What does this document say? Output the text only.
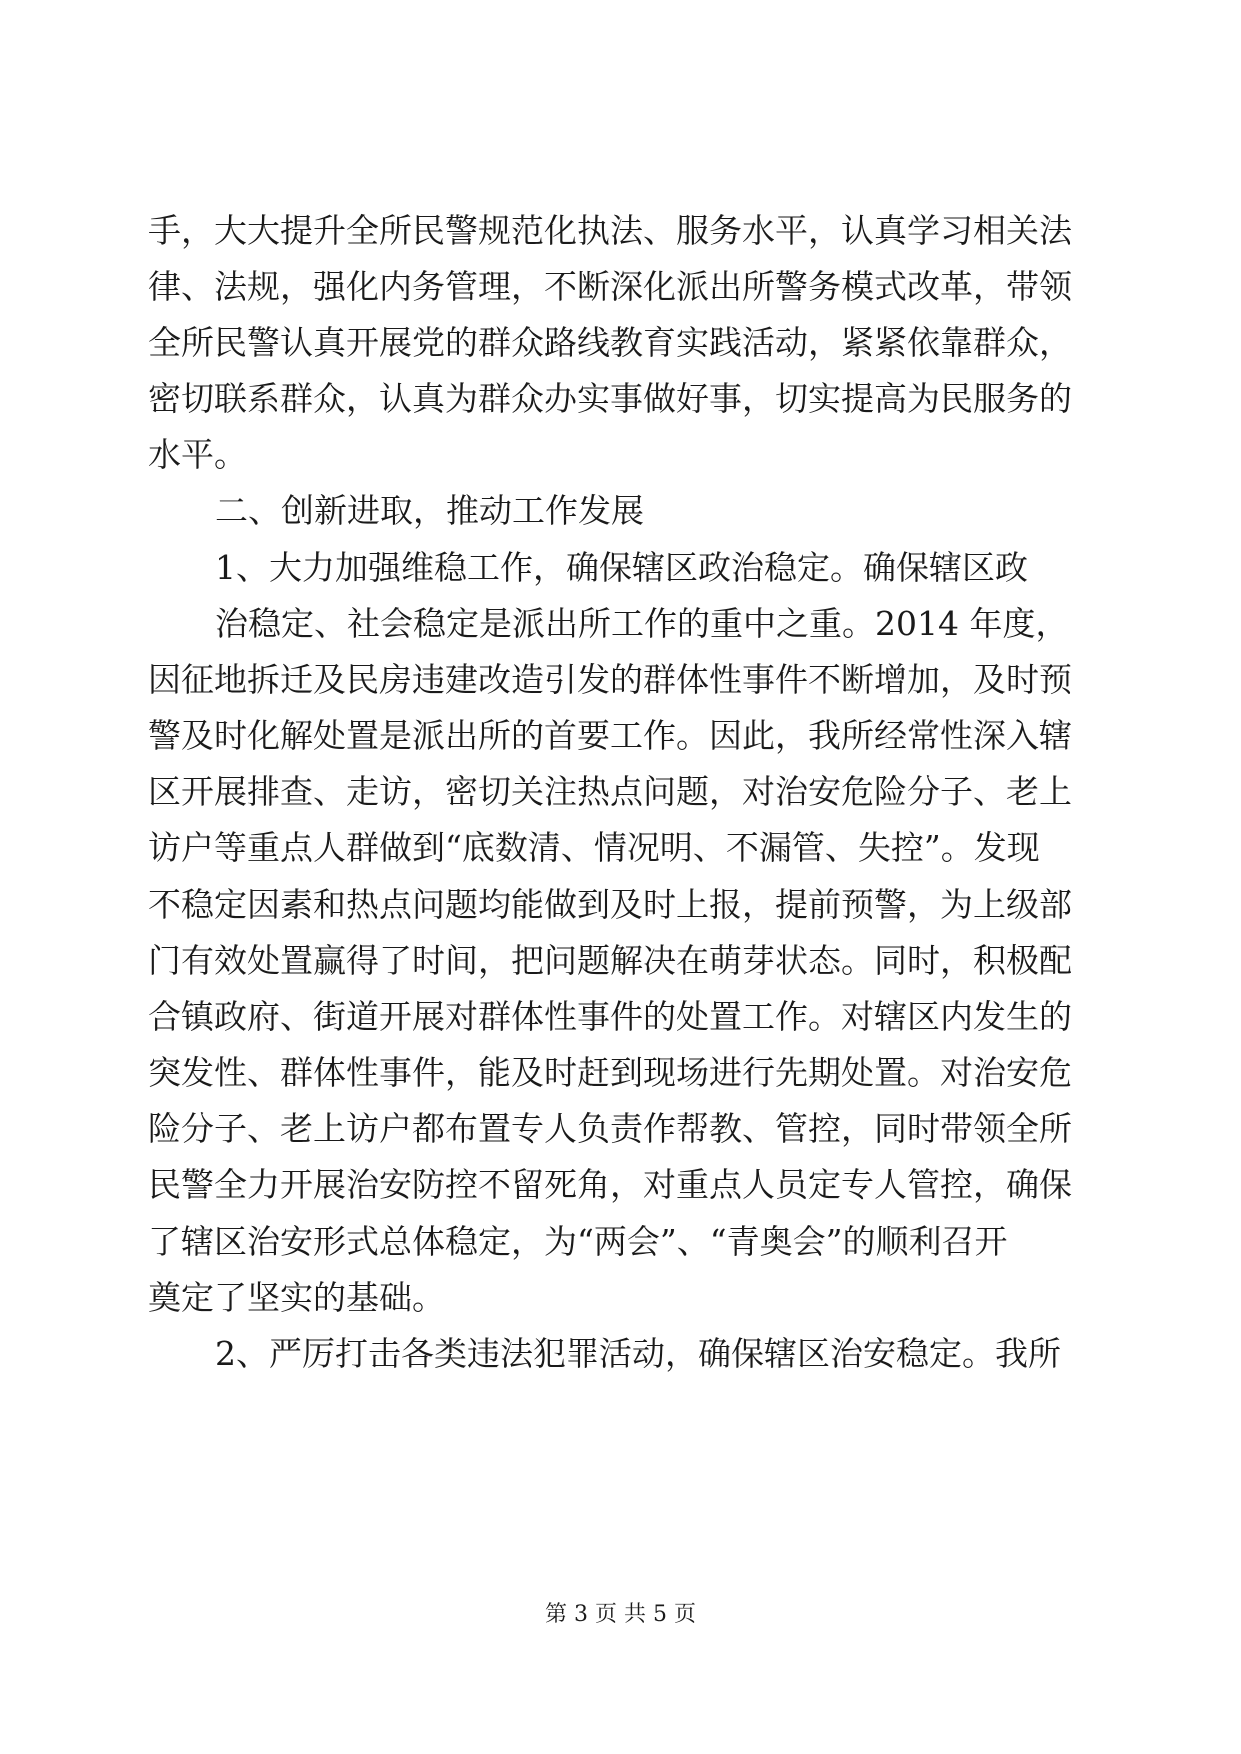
手，大大提升全所民警规范化执法、服务水平，认真学习相关法
律、法规，强化内务管理，不断深化派出所警务模式改革，带领
全所民警认真开展党的群众路线教育实践活动，紧紧依靠群众，
密切联系群众，认真为群众办实事做好事，切实提高为民服务的
水平。
二、创新进取，推动工作发展
1、大力加强维稳工作，确保辖区政治稳定。确保辖区政
治稳定、社会稳定是派出所工作的重中之重。2014 年度，
因征地拆迁及民房违建改造引发的群体性事件不断增加，及时预
警及时化解处置是派出所的首要工作。因此，我所经常性深入辖
区开展排查、走访，密切关注热点问题，对治安危险分子、老上
访户等重点人群做到“底数清、情况明、不漏管、失控”。发现
不稳定因素和热点问题均能做到及时上报，提前预警，为上级部
门有效处置赢得了时间，把问题解决在萌芽状态。同时，积极配
合镇政府、街道开展对群体性事件的处置工作。对辖区内发生的
突发性、群体性事件，能及时赶到现场进行先期处置。对治安危
险分子、老上访户都布置专人负责作帮教、管控，同时带领全所
民警全力开展治安防控不留死角，对重点人员定专人管控，确保
了辖区治安形式总体稳定，为“两会”、“青奥会”的顺利召开
奠定了坚实的基础。
2、严厉打击各类违法犯罪活动，确保辖区治安稳定。我所
第 3 页 共 5 页
